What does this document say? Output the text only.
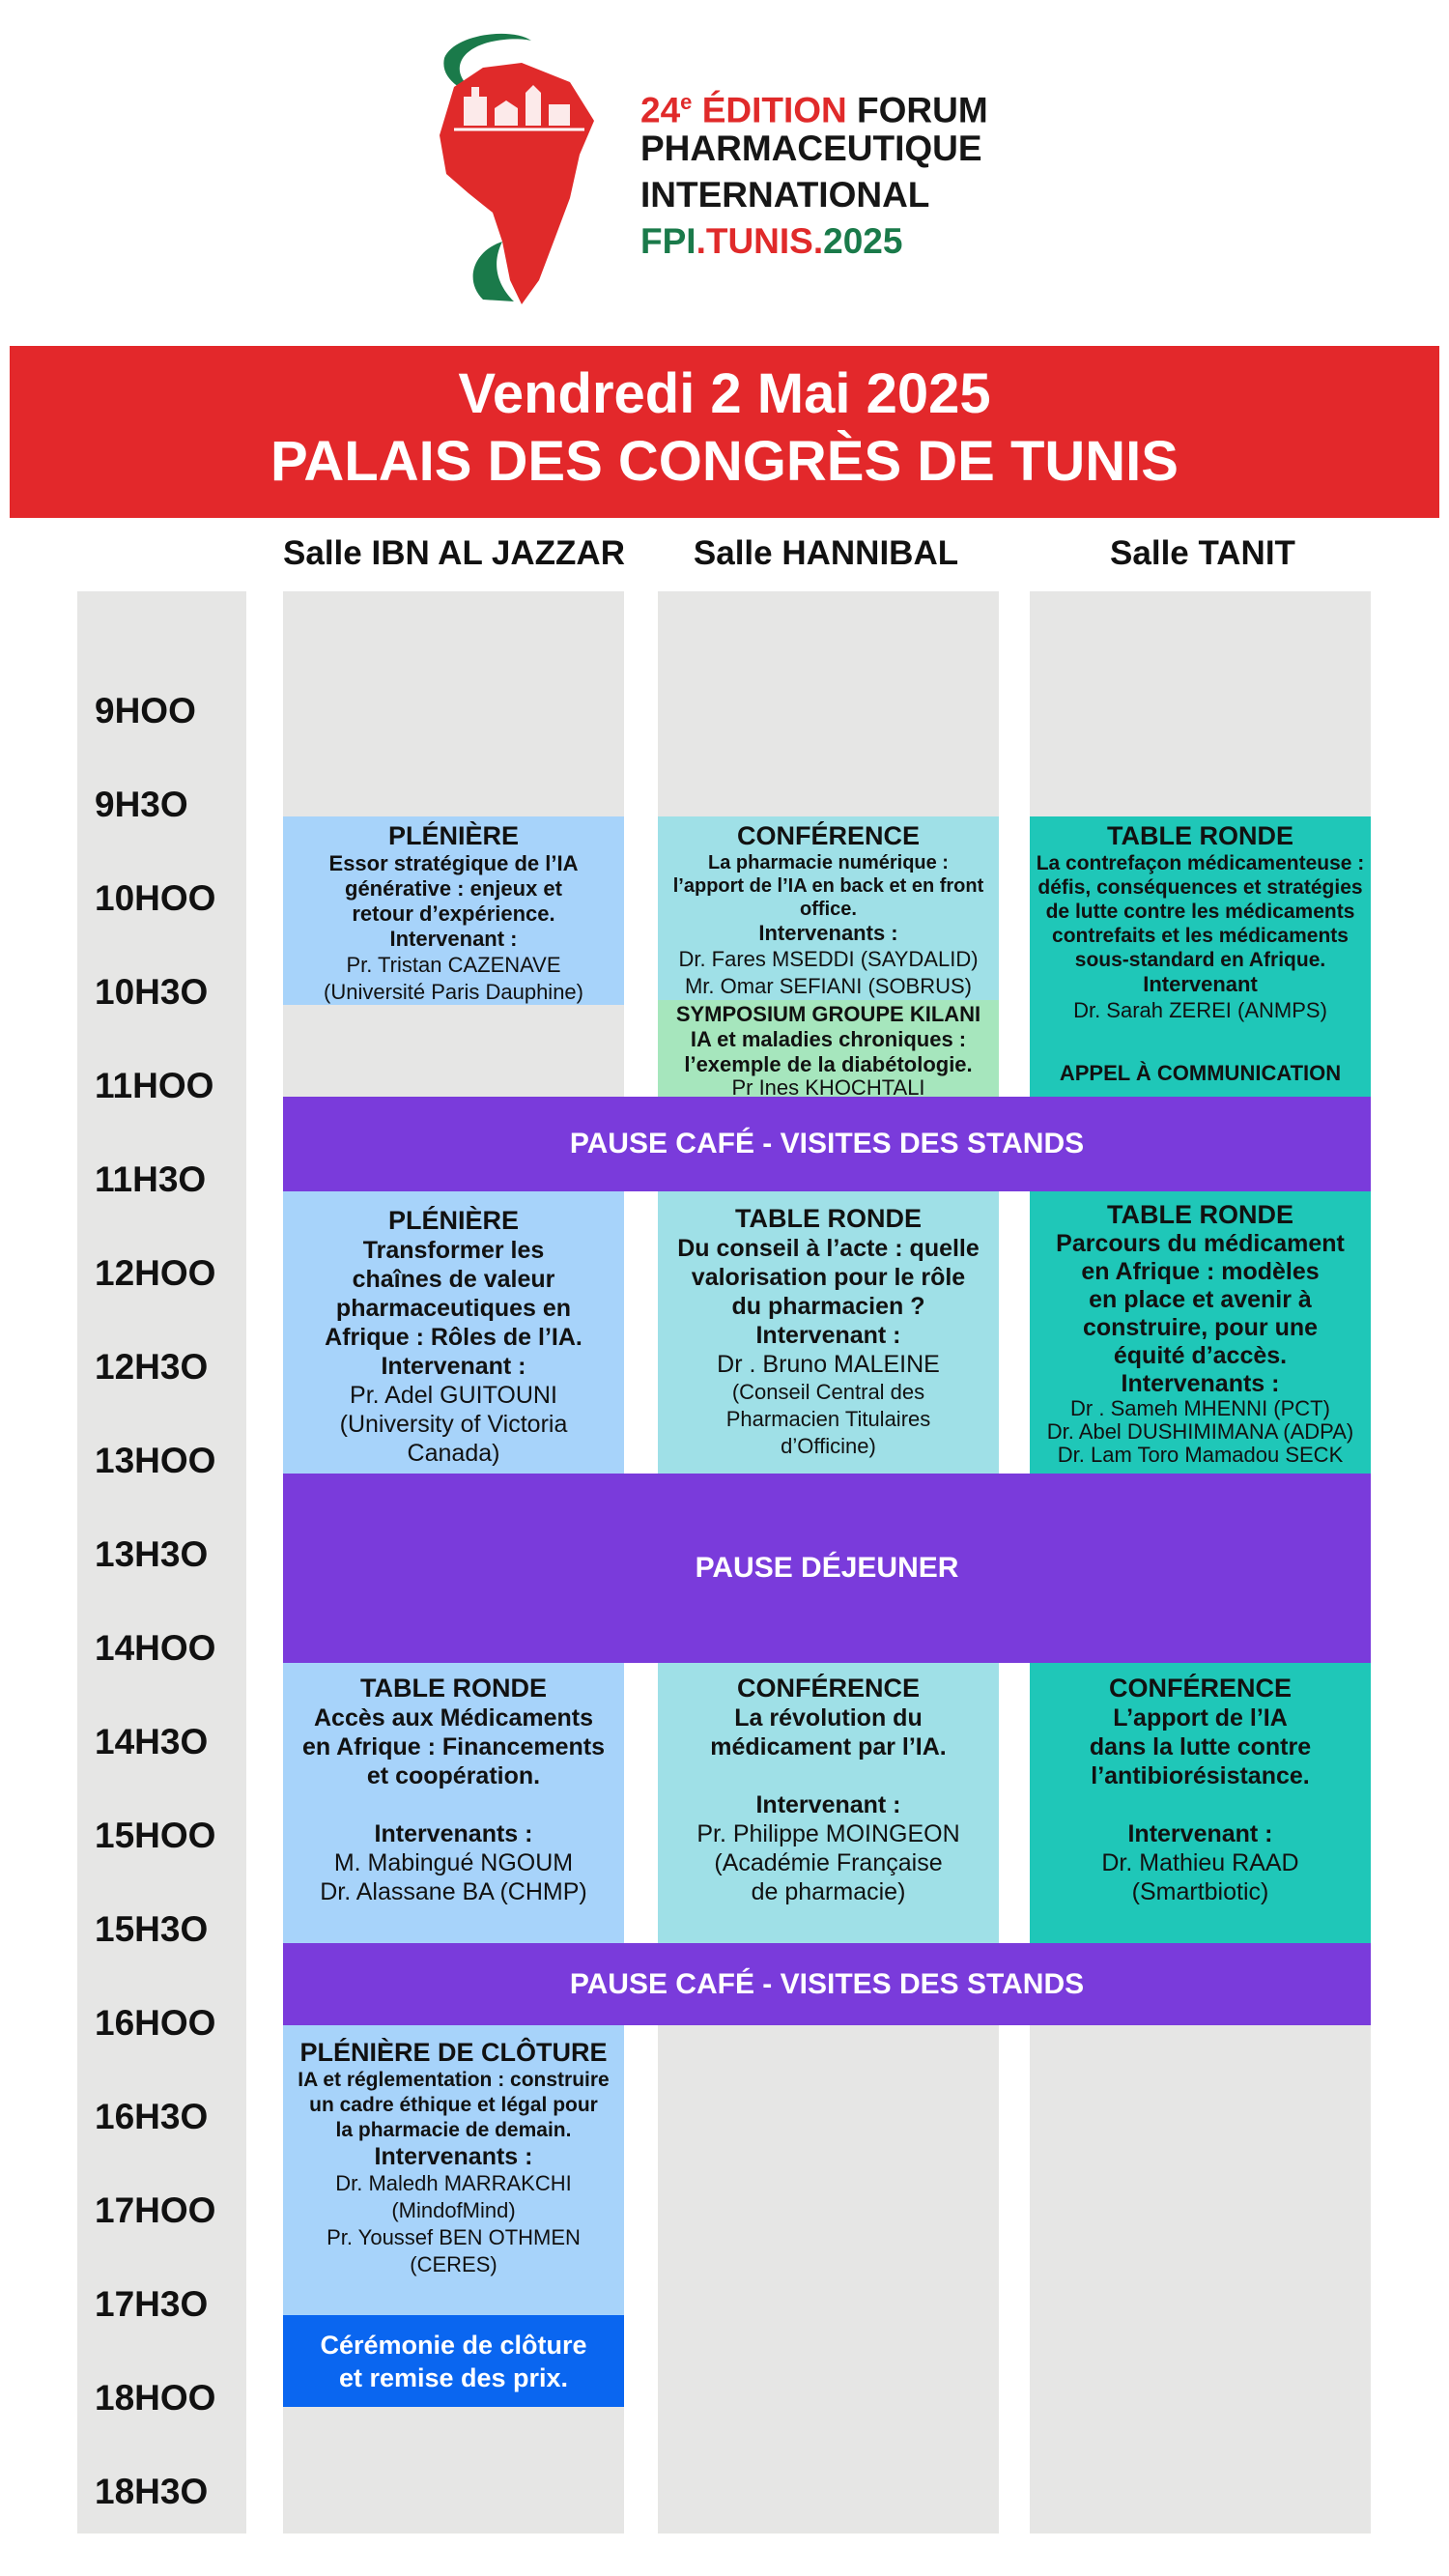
24e ÉDITION FORUM
PHARMACEUTIQUE
INTERNATIONAL
FPI.TUNIS.2025
Vendredi 2 Mai 2025
PALAIS DES CONGRÈS DE TUNIS
Salle IBN AL JAZZAR	Salle HANNIBAL	Salle TANIT
9HOO
9H3O
10HOO
10H3O
11HOO
11H3O
12HOO
12H3O
13HOO
13H3O
14HOO
14H3O
15HOO
15H3O
16HOO
16H3O
17HOO
17H3O
18HOO
18H3O
PLÉNIÈRE
Essor stratégique de l’IA
générative : enjeux et
retour d’expérience.
Intervenant :
Pr. Tristan CAZENAVE
(Université Paris Dauphine)
CONFÉRENCE
La pharmacie numérique :
l’apport de l’IA en back et en front
office.
Intervenants :
Dr. Fares MSEDDI (SAYDALID)
Mr. Omar SEFIANI (SOBRUS)
SYMPOSIUM GROUPE KILANI
IA et maladies chroniques :
l’exemple de la diabétologie.
Pr Ines KHOCHTALI
TABLE RONDE
La contrefaçon médicamenteuse :
défis, conséquences et stratégies
de lutte contre les médicaments
contrefaits et les médicaments
sous-standard en Afrique.
Intervenant
Dr. Sarah ZEREI (ANMPS)
APPEL À COMMUNICATION
PAUSE CAFÉ - VISITES DES STANDS
PLÉNIÈRE
Transformer les
chaînes de valeur
pharmaceutiques en
Afrique : Rôles de l’IA.
Intervenant :
Pr. Adel GUITOUNI
(University of Victoria
Canada)
TABLE RONDE
Du conseil à l’acte : quelle
valorisation pour le rôle
du pharmacien ?
Intervenant :
Dr . Bruno MALEINE
(Conseil Central des
Pharmacien Titulaires
d’Officine)
TABLE RONDE
Parcours du médicament
en Afrique : modèles
en place et avenir à
construire, pour une
équité d’accès.
Intervenants :
Dr . Sameh MHENNI (PCT)
Dr. Abel DUSHIMIMANA (ADPA)
Dr. Lam Toro Mamadou SECK
PAUSE DÉJEUNER
TABLE RONDE
Accès aux Médicaments
en Afrique : Financements
et coopération.
Intervenants :
M. Mabingué NGOUM
Dr. Alassane BA (CHMP)
CONFÉRENCE
La révolution du
médicament par l’IA.
Intervenant :
Pr. Philippe MOINGEON
(Académie Française
de pharmacie)
CONFÉRENCE
L’apport de l’IA
dans la lutte contre
l’antibiorésistance.
Intervenant :
Dr. Mathieu RAAD
(Smartbiotic)
PAUSE CAFÉ - VISITES DES STANDS
PLÉNIÈRE DE CLÔTURE
IA et réglementation : construire
un cadre éthique et légal pour
la pharmacie de demain.
Intervenants :
Dr. Maledh MARRAKCHI
(MindofMind)
Pr. Youssef BEN OTHMEN
(CERES)
Cérémonie de clôture
et remise des prix.
